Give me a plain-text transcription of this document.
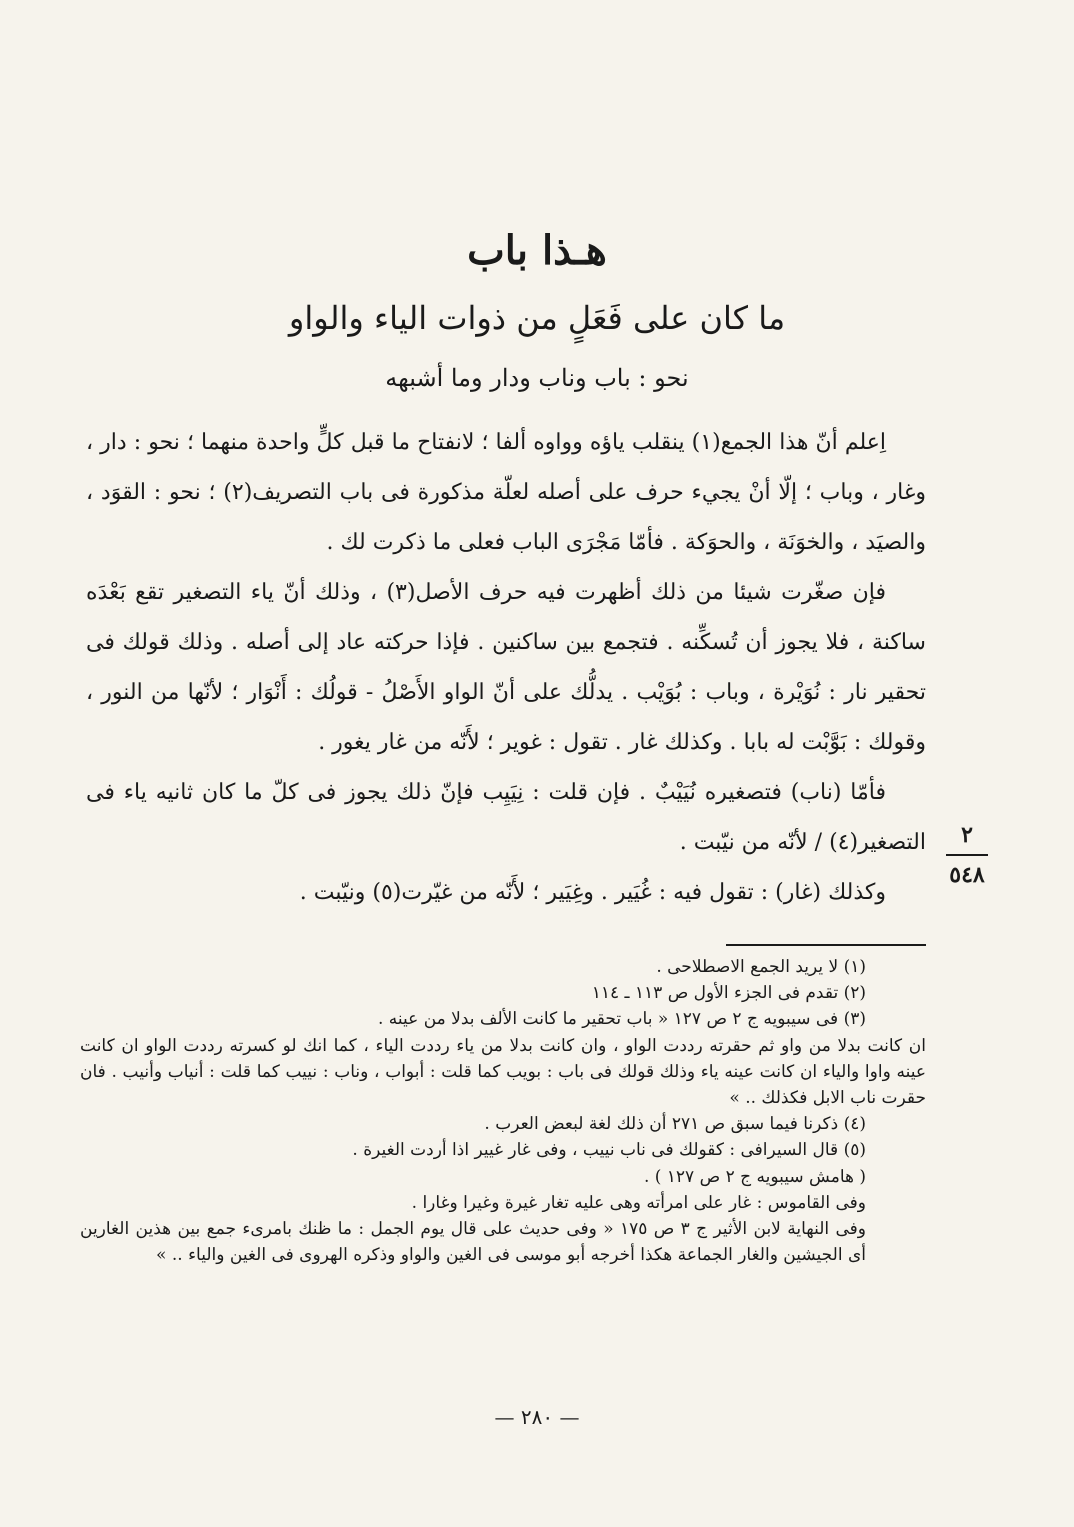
هـذا باب
ما كان على فَعَلٍ من ذوات الياء والواو
نحو : باب وناب ودار وما أشبهه

اِعلم أنّ هذا الجمع(١) ينقلب ياؤه وواوه ألفا ؛ لانفتاح ما قبل كلٍّ واحدة منهما ؛ نحو : دار ، وغار ، وباب ؛ إلّا أنْ يجيء حرف على أصله لعلّة مذكورة فى باب التصريف(٢) ؛ نحو : القوَد ، والصيَد ، والخوَنَة ، والحوَكة . فأمّا مَجْرَى الباب فعلى ما ذكرت لك .

فإن صغّرت شيئا من ذلك أظهرت فيه حرف الأصل(٣) ، وذلك أنّ ياء التصغير تقع بَعْدَه ساكنة ، فلا يجوز أن تُسكِّنه . فتجمع بين ساكنين . فإذا حركته عاد إلى أصله . وذلك قولك فى تحقير نار : نُوَيْرة ، وباب : بُوَيْب . يدلُّك على أنّ الواو الأَصْلُ - قولُك : أَنْوَار ؛ لأنّها من النور ، وقولك : بَوَّبْت له بابا . وكذلك غار . تقول : غوير ؛ لأَنّه من غار يغور .

فأمّا (ناب) فتصغيره نُيَيْبٌ . فإن قلت : نِيَيِب فإنّ ذلك يجوز فى كلّ ما كان ثانيه ياء فى التصغير(٤) / لأنّه من نيّبت .

وكذلك (غار) : تقول فيه : غُيَير . وغِيَير ؛ لأَنّه من غيّرت(٥) ونيّبت .

٢
٥٤٨

(١) لا يريد الجمع الاصطلاحى .

(٢) تقدم فى الجزء الأول ص ١١٣ ـ ١١٤

(٣) فى سيبويه ج ٢ ص ١٢٧ « باب تحقير ما كانت الألف بدلا من عينه .

ان كانت بدلا من واو ثم حقرته رددت الواو ، وان كانت بدلا من ياء رددت الياء ، كما انك لو كسرته رددت الواو ان كانت عينه واوا والياء ان كانت عينه ياء وذلك قولك فى باب : بويب كما قلت : أبواب ، وناب : نييب كما قلت : أنياب وأنيب . فان حقرت ناب الابل فكذلك .. »

(٤) ذكرنا فيما سبق ص ٢٧١ أن ذلك لغة لبعض العرب .

(٥) قال السيرافى : كقولك فى ناب نييب ، وفى غار غيير اذا أردت الغيرة .

( هامش سيبويه ج ٢ ص ١٢٧ ) .

وفى القاموس : غار على امرأته وهى عليه تغار غيرة وغيرا وغارا .

وفى النهاية لابن الأثير ج ٣ ص ١٧٥ « وفى حديث على قال يوم الجمل : ما ظنك بامرىء جمع بين هذين الغارين أى الجيشين والغار الجماعة هكذا أخرجه أبو موسى فى الغين والواو وذكره الهروى فى الغين والياء .. »

— ٢٨٠ —
